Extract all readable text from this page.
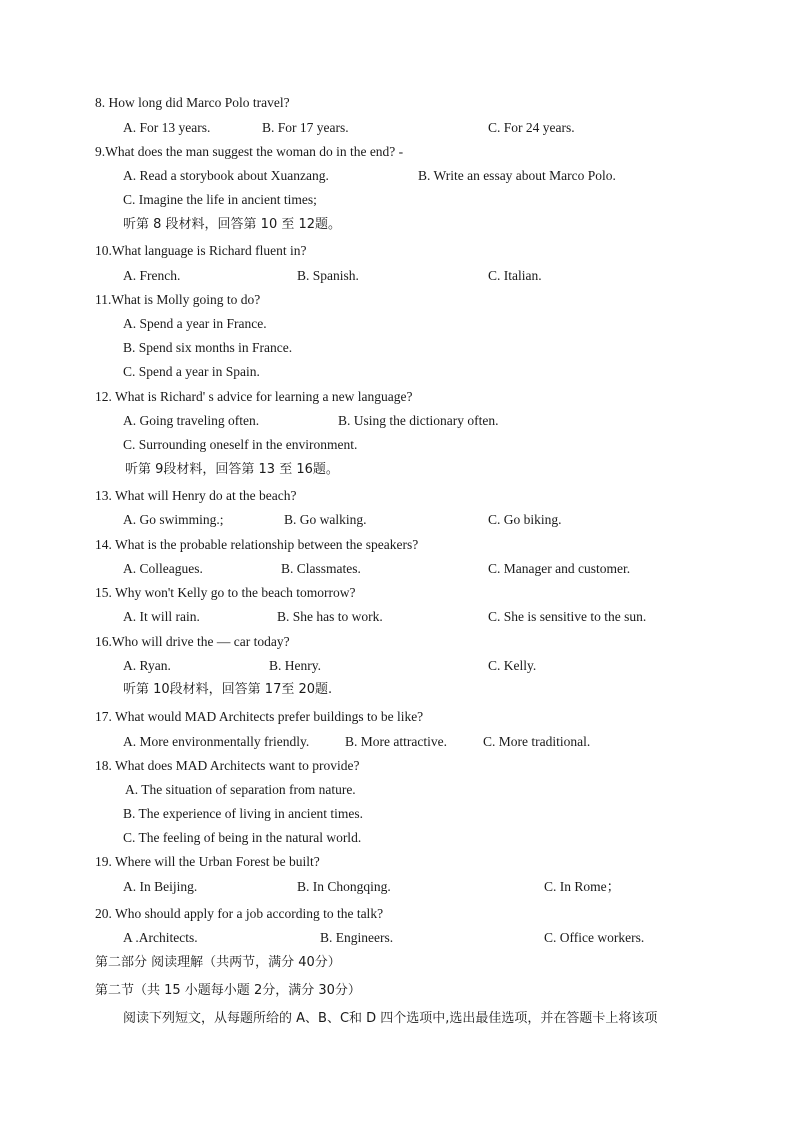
8. How long did Marco Polo travel?
A. For 13 years.	B. For 17 years.	C. For 24 years.
9.What does the man suggest the woman do in the end? -
A. Read a storybook about Xuanzang.	B. Write an essay about Marco Polo.
C. Imagine the life in ancient times;
听第 8 段材料，回答第 10 至 12题。
10.What language is Richard fluent in?
A. French.	B. Spanish.	C. Italian.
11.What is Molly going to do?
A. Spend a year in France.
B. Spend six months in France.
C. Spend a year in Spain.
12. What is Richard' s advice for learning a new language?
A. Going traveling often.	B. Using the dictionary often.
C. Surrounding oneself in the environment.
听第 9段材料，回答第 13 至 16题。
13. What will Henry do at the beach?
A. Go swimming.;	B. Go walking.	C. Go biking.
14. What is the probable relationship between the speakers?
A. Colleagues.	B. Classmates.	C. Manager and customer.
15. Why won't Kelly go to the beach tomorrow?
A. It will rain.	B. She has to work.	C. She is sensitive to the sun.
16.Who will drive the — car today?
A. Ryan.	B. Henry.	C. Kelly.
听第 10段材料，回答第 17至 20题.
17. What would MAD Architects prefer buildings to be like?
A. More environmentally friendly.	B. More attractive.	C. More traditional.
18. What does MAD Architects want to provide?
A. The situation of separation from nature.
B. The experience of living in ancient times.
C. The feeling of being in the natural world.
19. Where will the Urban Forest be built?
A. In Beijing.	B. In Chongqing.	C. In Rome；
20. Who should apply for a job according to the talk?
A .Architects.	B. Engineers.	C. Office workers.
第二部分 阅读理解（共两节，满分 40分）
第二节（共 15 小题每小题 2分，满分 30分）
阅读下列短文，从每题所给的 A、B、C和 D 四个选项中,选出最佳选项，并在答题卡上将该项
